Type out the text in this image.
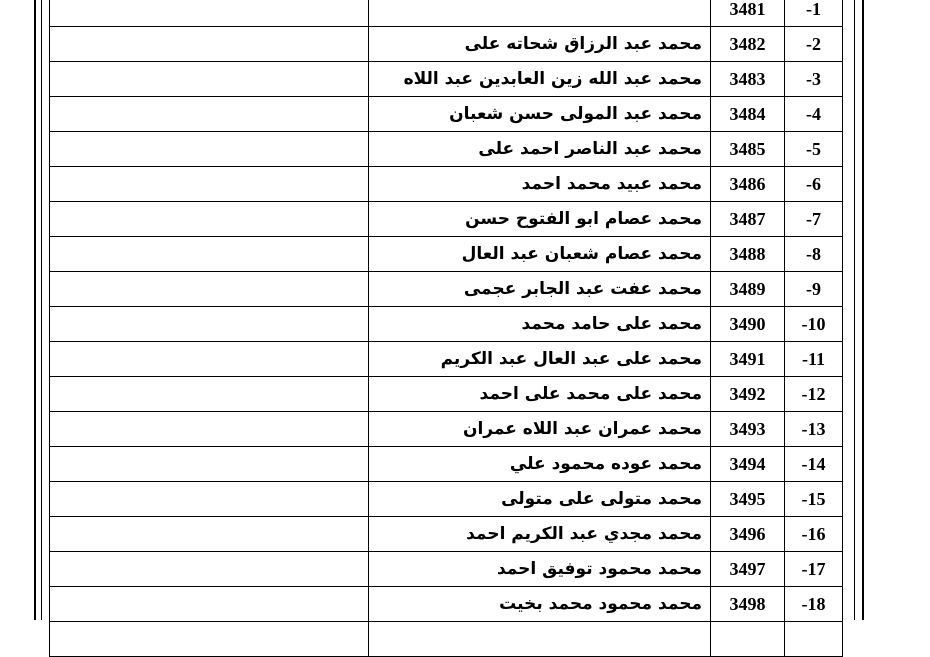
		3481	-1
	محمد عبد الرزاق شحاته على	3482	-2
	محمد عبد الله زين العابدين عبد اللاه	3483	-3
	محمد عبد المولى حسن شعبان	3484	-4
	محمد عبد الناصر احمد على	3485	-5
	محمد عبيد محمد احمد	3486	-6
	محمد عصام ابو الفتوح حسن	3487	-7
	محمد عصام شعبان عبد العال	3488	-8
	محمد عفت عبد الجابر عجمى	3489	-9
	محمد على حامد محمد	3490	-10
	محمد على عبد العال عبد الكريم	3491	-11
	محمد على محمد على احمد	3492	-12
	محمد عمران عبد اللاه عمران	3493	-13
	محمد عوده محمود علي	3494	-14
	محمد متولى على متولى	3495	-15
	محمد مجدي عبد الكريم احمد	3496	-16
	محمد محمود توفيق احمد	3497	-17
	محمد محمود محمد بخيت	3498	-18
